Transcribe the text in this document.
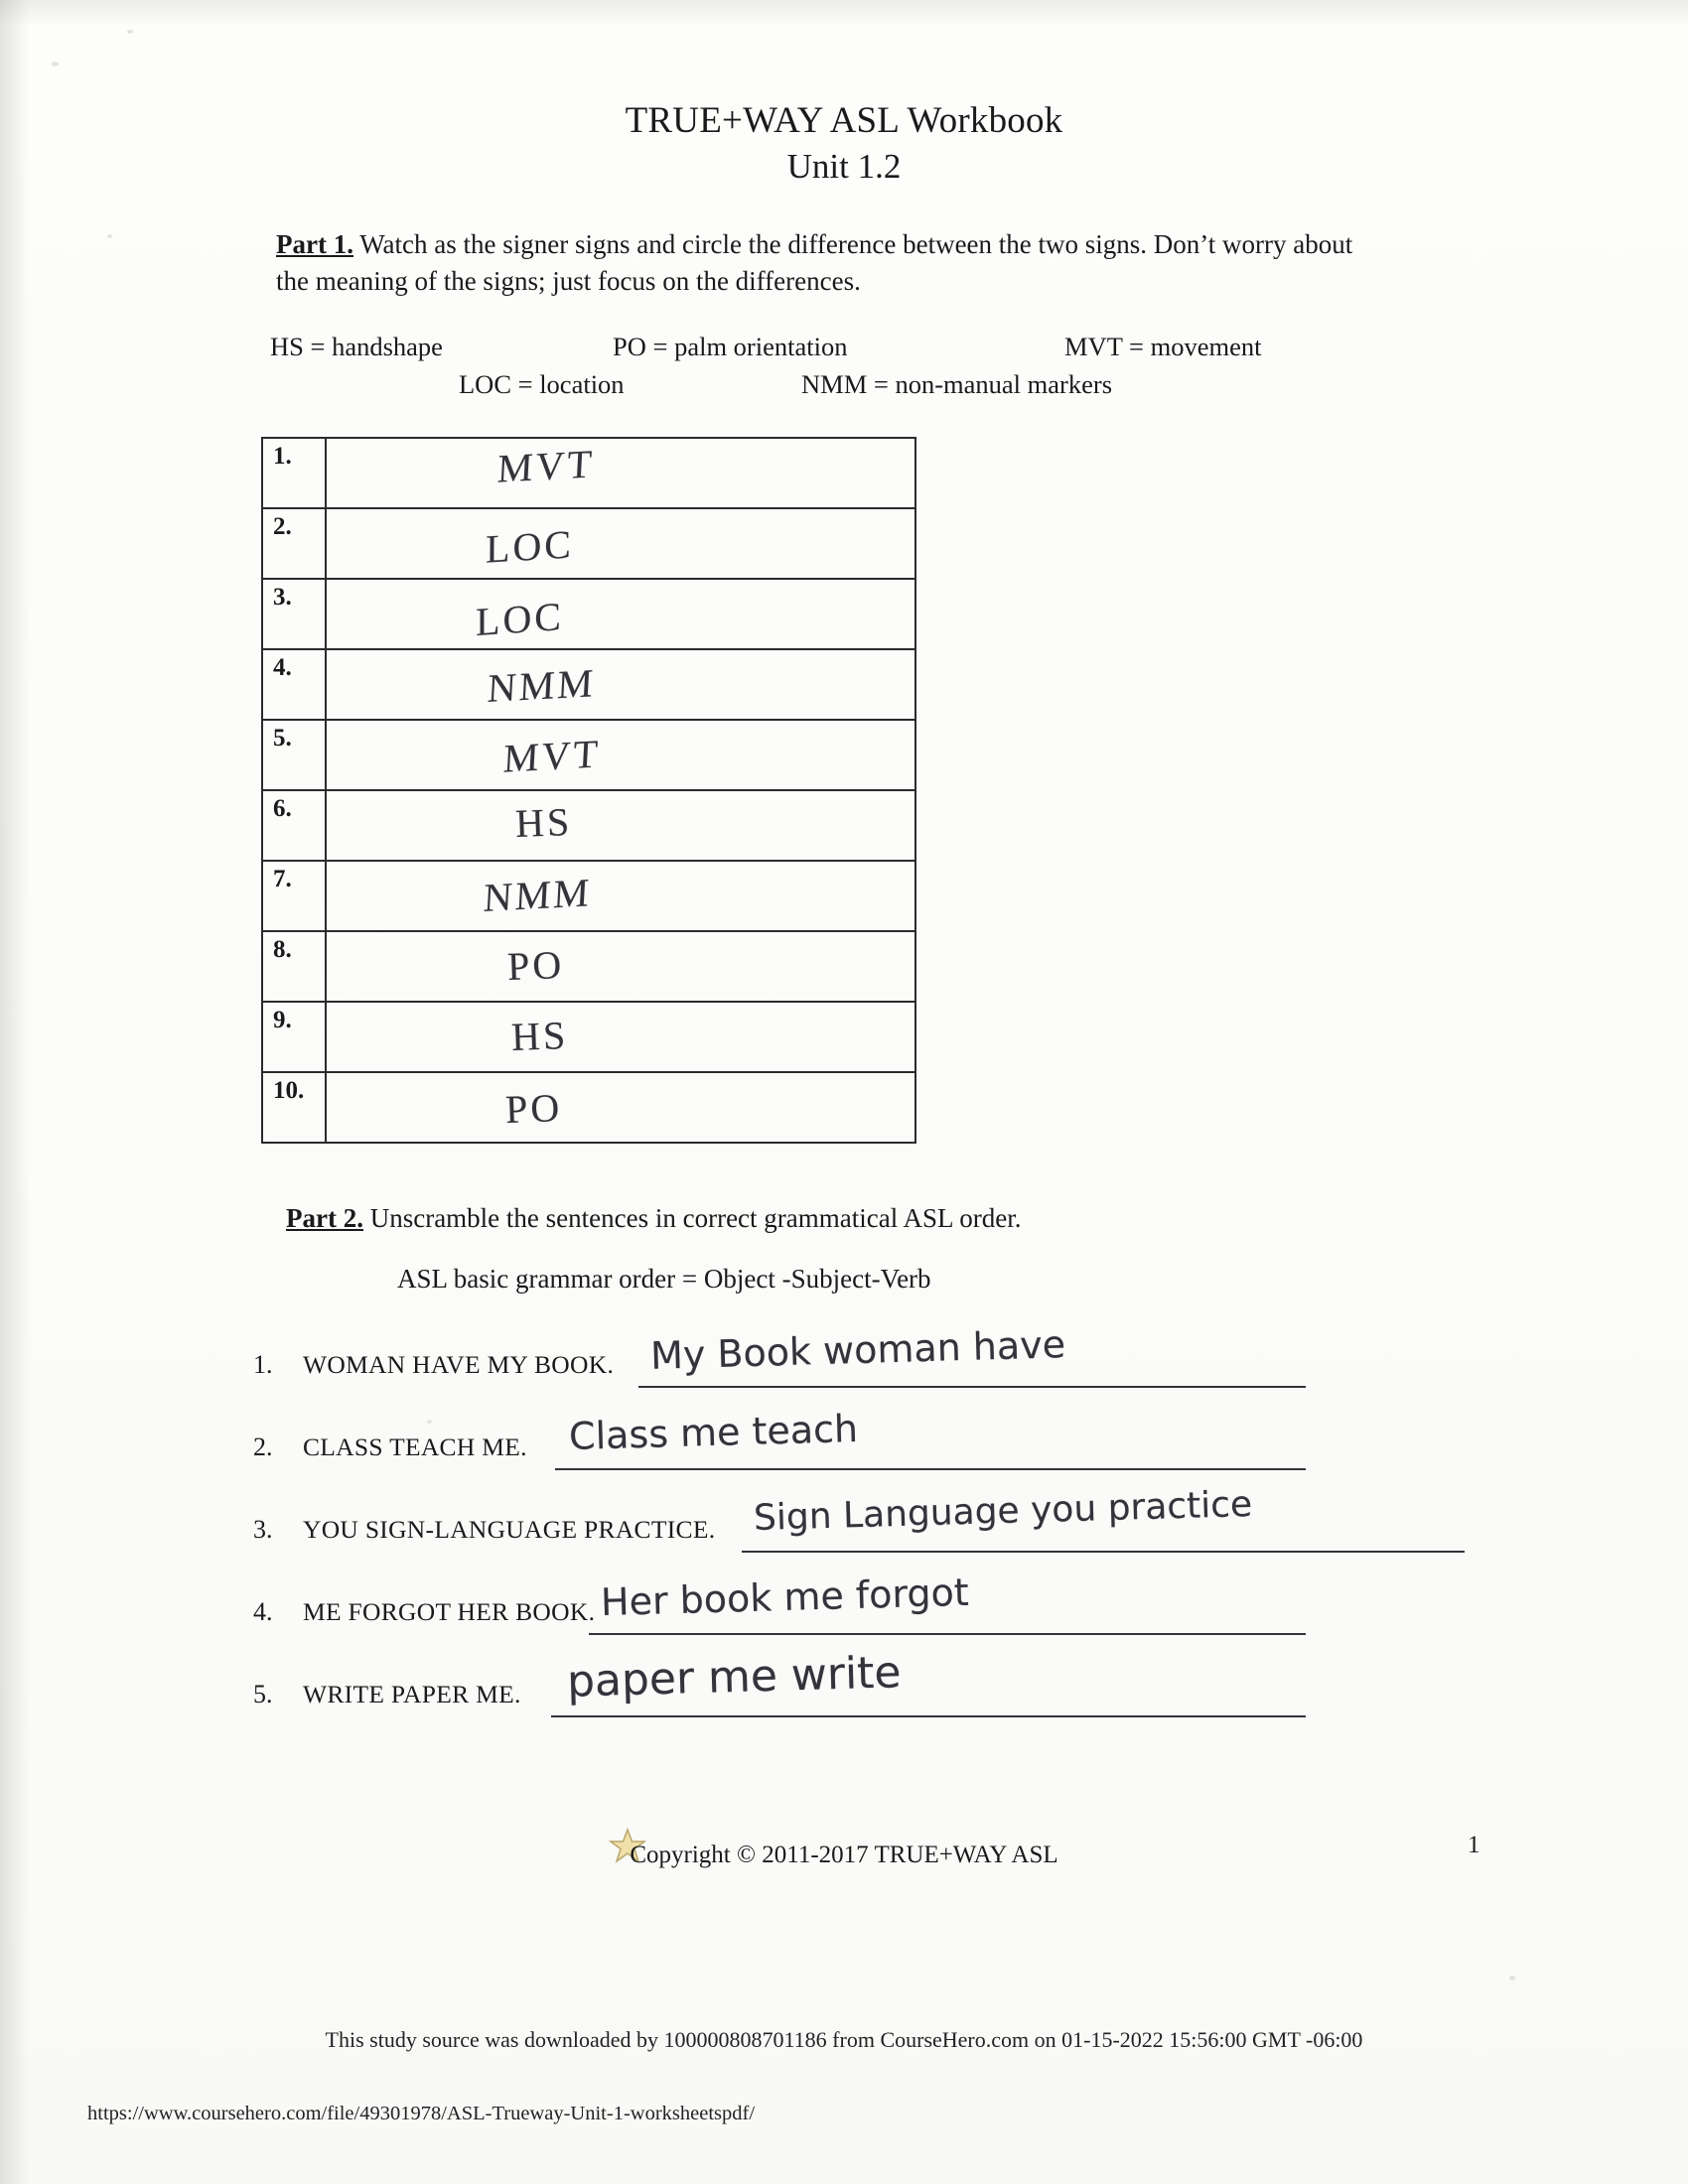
TRUE+WAY ASL Workbook
Unit 1.2
Part 1. Watch as the signer signs and circle the difference between the two signs. Don’t worry about the meaning of the signs; just focus on the differences.
HS = handshape	PO = palm orientation	MVT = movement
LOC = location	NMM = non-manual markers
1.	MVT

2.	LOC

3.	LOC

4.	NMM

5.	MVT

6.	HS

7.	NMM

8.	PO

9.	HS

10.	PO
Part 2. Unscramble the sentences in correct grammatical ASL order.
ASL basic grammar order = Object -Subject-Verb
1. WOMAN HAVE MY BOOK. My Book woman have
2. CLASS TEACH ME. Class me teach
3. YOU SIGN-LANGUAGE PRACTICE. Sign Language you practice
4. ME FORGOT HER BOOK. Her book me forgot
5. WRITE PAPER ME. paper me write
Copyright © 2011-2017 TRUE+WAY ASL	1
This study source was downloaded by 100000808701186 from CourseHero.com on 01-15-2022 15:56:00 GMT -06:00
https://www.coursehero.com/file/49301978/ASL-Trueway-Unit-1-worksheetspdf/
